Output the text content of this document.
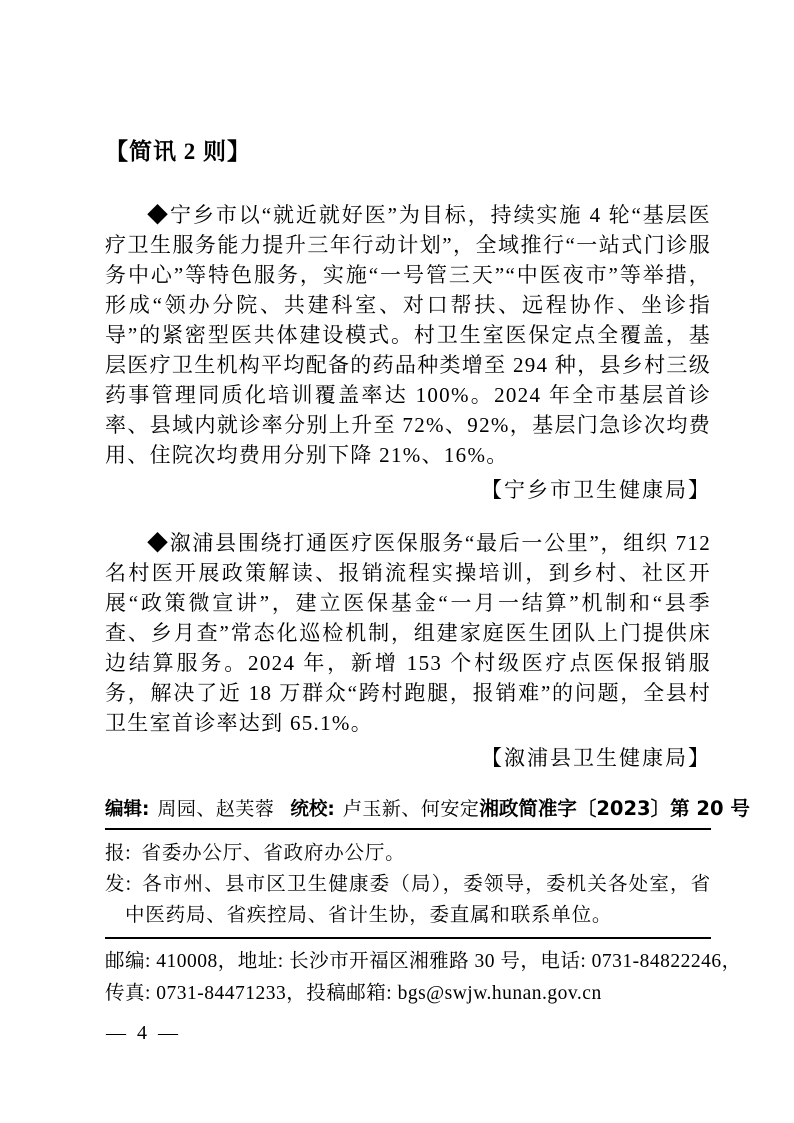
【简讯 2 则】

◆宁乡市以“就近就好医”为目标，持续实施 4 轮“基层医疗卫生服务能力提升三年行动计划”，全域推行“一站式门诊服务中心”等特色服务，实施“一号管三天”“中医夜市”等举措，形成“领办分院、共建科室、对口帮扶、远程协作、坐诊指导”的紧密型医共体建设模式。村卫生室医保定点全覆盖，基层医疗卫生机构平均配备的药品种类增至 294 种，县乡村三级药事管理同质化培训覆盖率达 100%。2024 年全市基层首诊率、县域内就诊率分别上升至 72%、92%，基层门急诊次均费用、住院次均费用分别下降 21%、16%。

【宁乡市卫生健康局】

◆溆浦县围绕打通医疗医保服务“最后一公里”，组织 712 名村医开展政策解读、报销流程实操培训，到乡村、社区开展“政策微宣讲”，建立医保基金“一月一结算”机制和“县季查、乡月查”常态化巡检机制，组建家庭医生团队上门提供床边结算服务。2024 年，新增 153 个村级医疗点医保报销服务，解决了近 18 万群众“跨村跑腿，报销难”的问题，全县村卫生室首诊率达到 65.1%。

【溆浦县卫生健康局】
编辑: 周园、赵芙蓉 统校: 卢玉新、何安定 湘政简准字〔2023〕第 20 号
报: 省委办公厅、省政府办公厅。
发: 各市州、县市区卫生健康委（局），委领导，委机关各处室，省中医药局、省疾控局、省计生协，委直属和联系单位。
邮编: 410008，地址: 长沙市开福区湘雅路 30 号，电话: 0731-84822246，
传真: 0731-84471233，投稿邮箱: bgs@swjw.hunan.gov.cn
— 4 —
